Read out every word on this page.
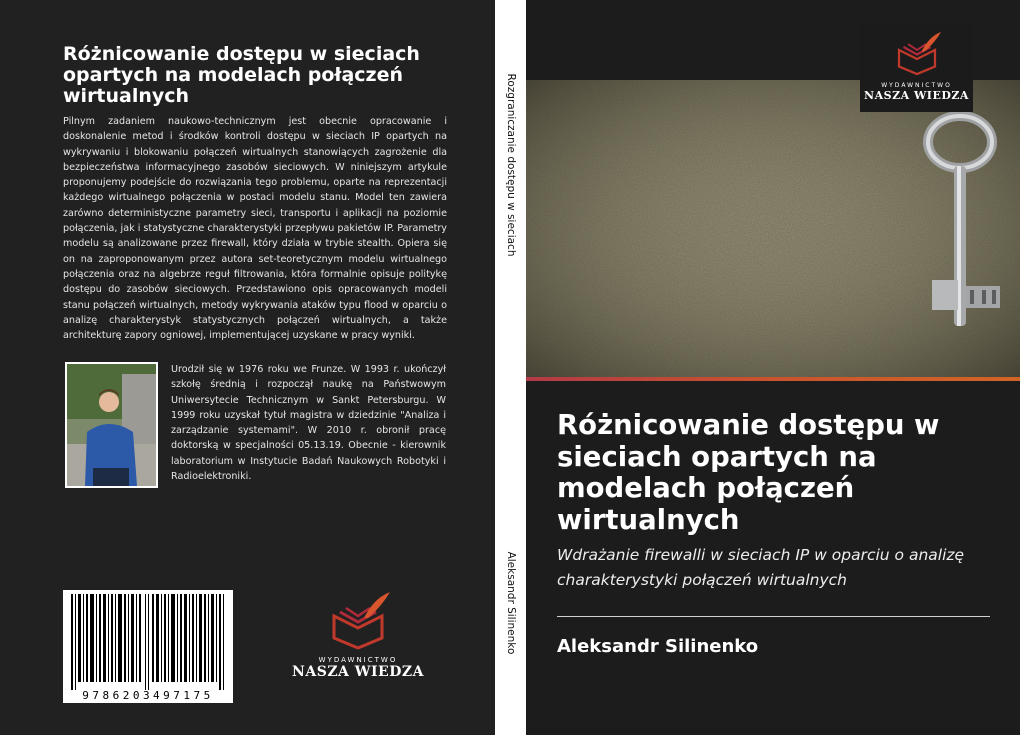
Różnicowanie dostępu w sieciach opartych na modelach połączeń wirtualnych
Pilnym zadaniem naukowo-technicznym jest obecnie opracowanie i doskonalenie metod i środków kontroli dostępu w sieciach IP opartych na wykrywaniu i blokowaniu połączeń wirtualnych stanowiących zagrożenie dla bezpieczeństwa informacyjnego zasobów sieciowych. W niniejszym artykule proponujemy podejście do rozwiązania tego problemu, oparte na reprezentacji każdego wirtualnego połączenia w postaci modelu stanu. Model ten zawiera zarówno deterministyczne parametry sieci, transportu i aplikacji na poziomie połączenia, jak i statystyczne charakterystyki przepływu pakietów IP. Parametry modelu są analizowane przez firewall, który działa w trybie stealth. Opiera się on na zaproponowanym przez autora set-teoretycznym modelu wirtualnego połączenia oraz na algebrze reguł filtrowania, która formalnie opisuje politykę dostępu do zasobów sieciowych. Przedstawiono opis opracowanych modeli stanu połączeń wirtualnych, metody wykrywania ataków typu flood w oparciu o analizę charakterystyk statystycznych połączeń wirtualnych, a także architekturę zapory ogniowej, implementującej uzyskane w pracy wyniki.
Urodził się w 1976 roku we Frunze. W 1993 r. ukończył szkołę średnią i rozpoczął naukę na Państwowym Uniwersytecie Technicznym w Sankt Petersburgu. W 1999 roku uzyskał tytuł magistra w dziedzinie "Analiza i zarządzanie systemami". W 2010 r. obronił pracę doktorską w specjalności 05.13.19. Obecnie - kierownik laboratorium w Instytucie Badań Naukowych Robotyki i Radioelektroniki.
9786203497175
WYDAWNICTWO
NASZA WIEDZA
Rozgraniczanie dostępu w sieciach
Aleksandr Silinenko
WYDAWNICTWO
NASZA WIEDZA
Różnicowanie dostępu w sieciach opartych na modelach połączeń wirtualnych
Wdrażanie firewalli w sieciach IP w oparciu o analizę charakterystyki połączeń wirtualnych
Aleksandr Silinenko
